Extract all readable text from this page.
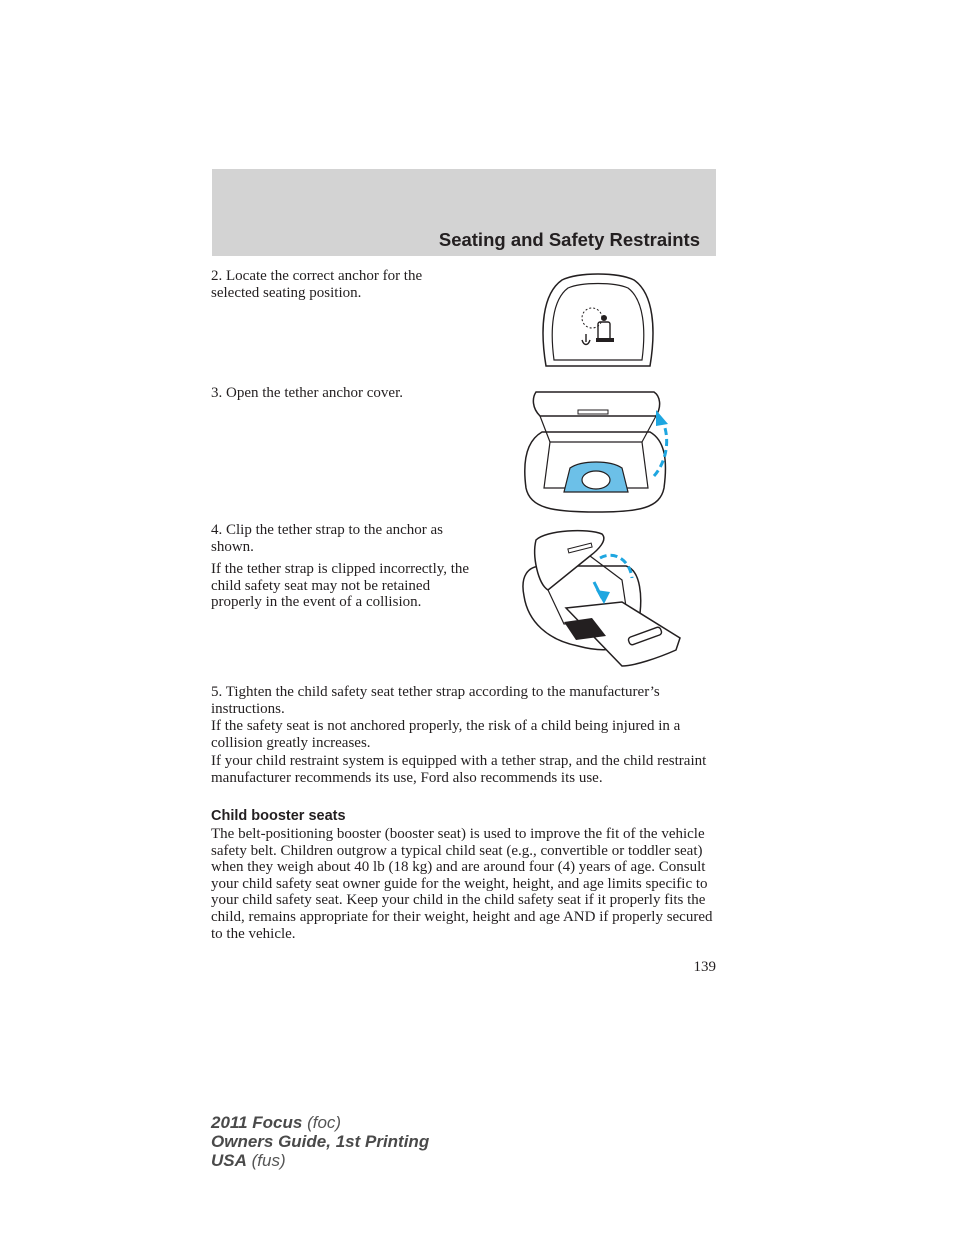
Seating and Safety Restraints

2. Locate the correct anchor for the selected seating position.

3. Open the tether anchor cover.

4. Clip the tether strap to the anchor as shown.

If the tether strap is clipped incorrectly, the child safety seat may not be retained properly in the event of a collision.

5. Tighten the child safety seat tether strap according to the manufacturer’s instructions.

If the safety seat is not anchored properly, the risk of a child being injured in a collision greatly increases.

If your child restraint system is equipped with a tether strap, and the child restraint manufacturer recommends its use, Ford also recommends its use.

Child booster seats

The belt-positioning booster (booster seat) is used to improve the fit of the vehicle safety belt. Children outgrow a typical child seat (e.g., convertible or toddler seat) when they weigh about 40 lb (18 kg) and are around four (4) years of age. Consult your child safety seat owner guide for the weight, height, and age limits specific to your child safety seat. Keep your child in the child safety seat if it properly fits the child, remains appropriate for their weight, height and age AND if properly secured to the vehicle.

139
2011 Focus (foc)
Owners Guide, 1st Printing
USA (fus)
